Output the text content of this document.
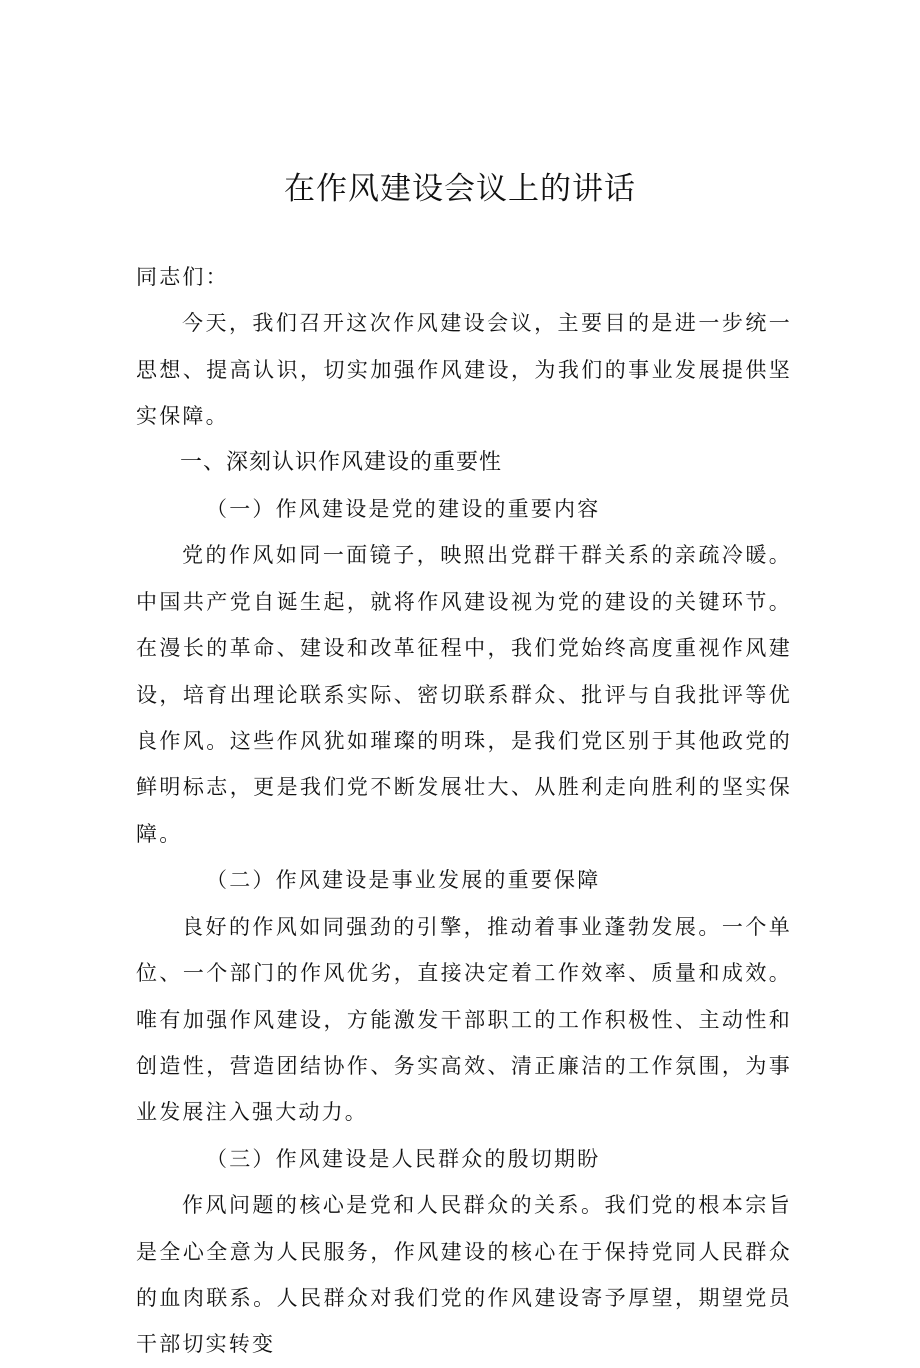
在作风建设会议上的讲话

同志们：

今天，我们召开这次作风建设会议，主要目的是进一步统一思想、提高认识，切实加强作风建设，为我们的事业发展提供坚实保障。

一、深刻认识作风建设的重要性

（一）作风建设是党的建设的重要内容

党的作风如同一面镜子，映照出党群干群关系的亲疏冷暖。中国共产党自诞生起，就将作风建设视为党的建设的关键环节。在漫长的革命、建设和改革征程中，我们党始终高度重视作风建设，培育出理论联系实际、密切联系群众、批评与自我批评等优良作风。这些作风犹如璀璨的明珠，是我们党区别于其他政党的鲜明标志，更是我们党不断发展壮大、从胜利走向胜利的坚实保障。

（二）作风建设是事业发展的重要保障

良好的作风如同强劲的引擎，推动着事业蓬勃发展。一个单位、一个部门的作风优劣，直接决定着工作效率、质量和成效。唯有加强作风建设，方能激发干部职工的工作积极性、主动性和创造性，营造团结协作、务实高效、清正廉洁的工作氛围，为事业发展注入强大动力。

（三）作风建设是人民群众的殷切期盼

作风问题的核心是党和人民群众的关系。我们党的根本宗旨是全心全意为人民服务，作风建设的核心在于保持党同人民群众的血肉联系。人民群众对我们党的作风建设寄予厚望，期望党员干部切实转变
